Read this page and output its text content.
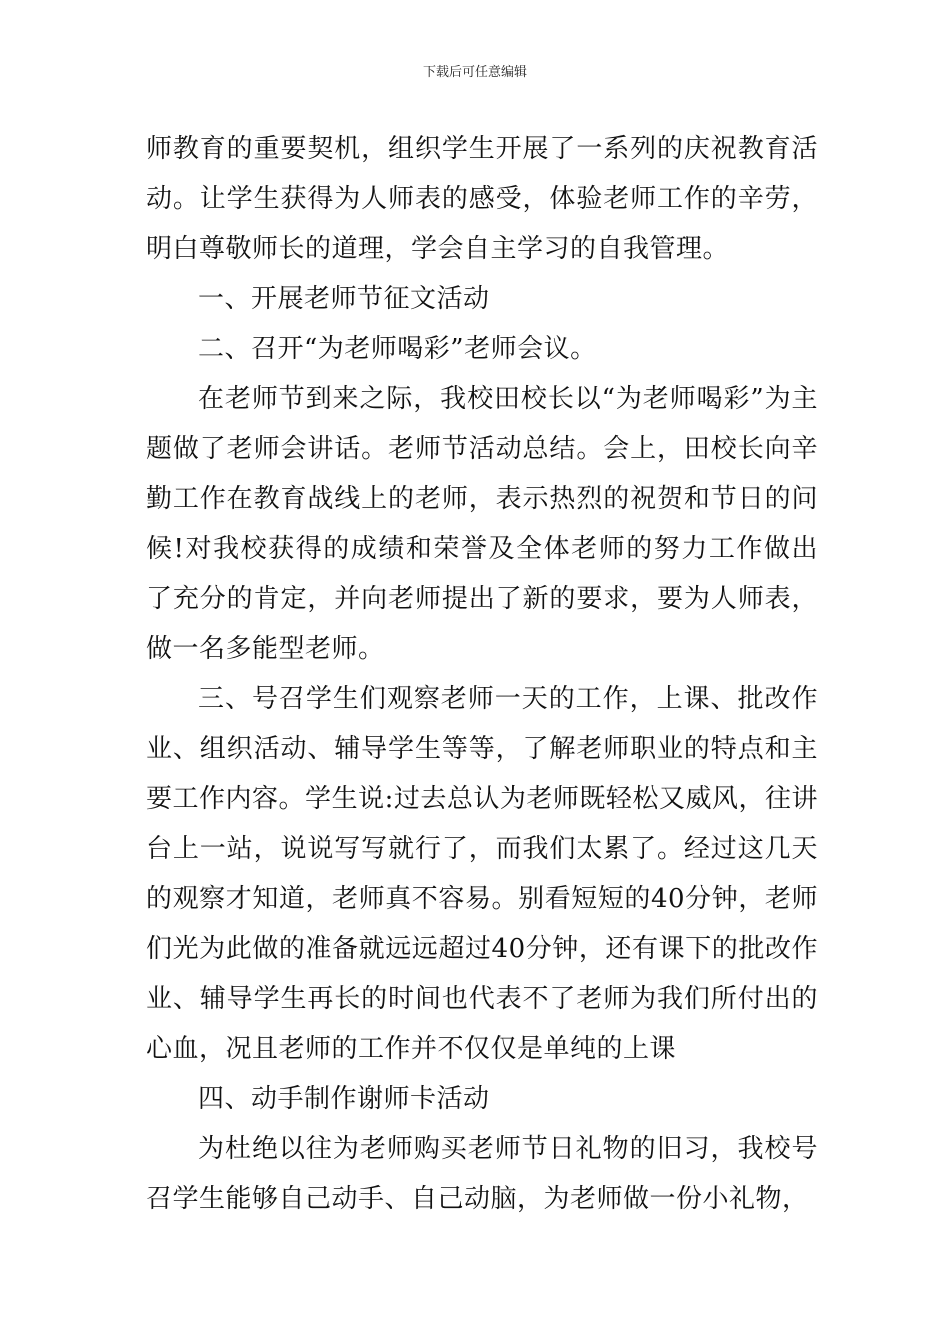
下载后可任意编辑

师教育的重要契机，组织学生开展了一系列的庆祝教育活动。让学生获得为人师表的感受，体验老师工作的辛劳，明白尊敬师长的道理，学会自主学习的自我管理。

一、开展老师节征文活动

二、召开“为老师喝彩”老师会议。

在老师节到来之际，我校田校长以“为老师喝彩”为主题做了老师会讲话。老师节活动总结。会上，田校长向辛勤工作在教育战线上的老师，表示热烈的祝贺和节日的问候!对我校获得的成绩和荣誉及全体老师的努力工作做出了充分的肯定，并向老师提出了新的要求，要为人师表，做一名多能型老师。

三、号召学生们观察老师一天的工作，上课、批改作业、组织活动、辅导学生等等，了解老师职业的特点和主要工作内容。学生说:过去总认为老师既轻松又威风，往讲台上一站，说说写写就行了，而我们太累了。经过这几天的观察才知道，老师真不容易。别看短短的40分钟，老师们光为此做的准备就远远超过40分钟，还有课下的批改作业、辅导学生再长的时间也代表不了老师为我们所付出的心血，况且老师的工作并不仅仅是单纯的上课

四、动手制作谢师卡活动

为杜绝以往为老师购买老师节日礼物的旧习，我校号召学生能够自己动手、自己动脑，为老师做一份小礼物，
